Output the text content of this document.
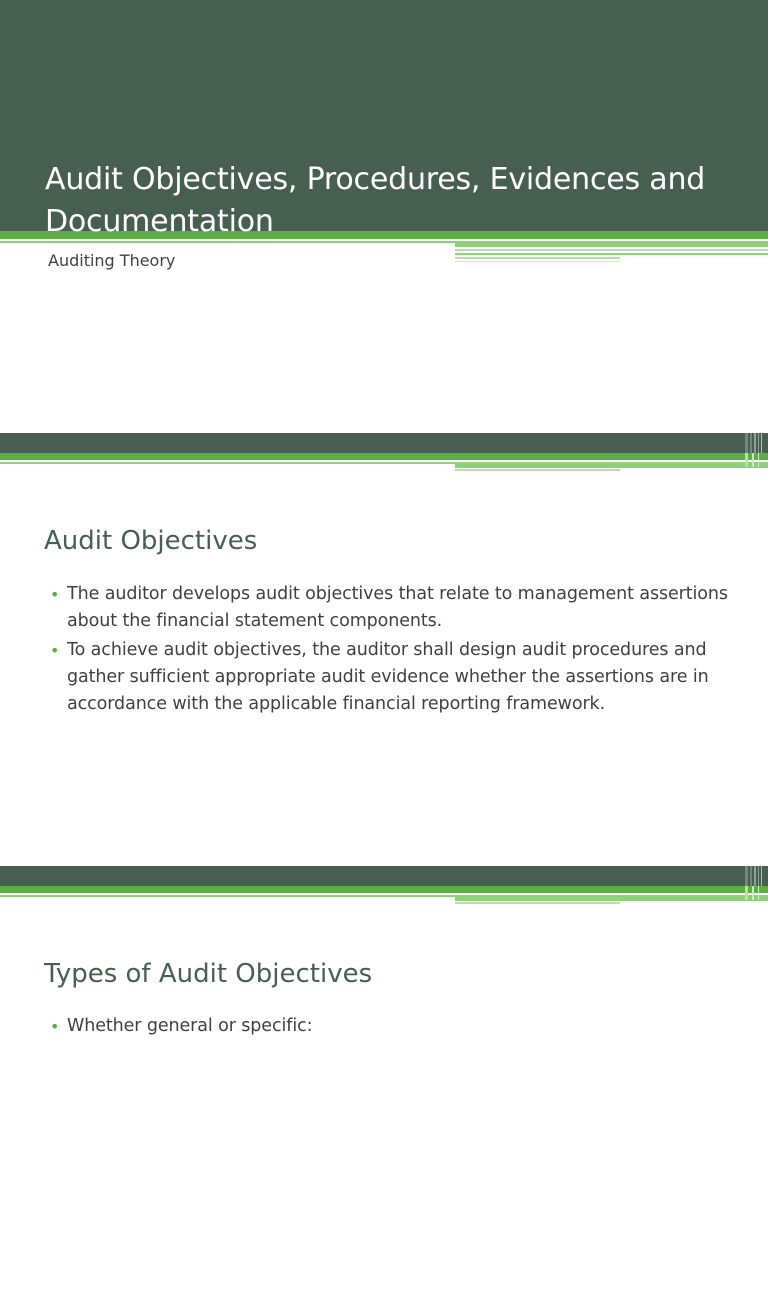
Audit Objectives, Procedures, Evidences and Documentation

Auditing Theory

Audit Objectives
• The auditor develops audit objectives that relate to management assertions about the financial statement components.
• To achieve audit objectives, the auditor shall design audit procedures and gather sufficient appropriate audit evidence whether the assertions are in accordance with the applicable financial reporting framework.
Types of Audit Objectives
• Whether general or specific:
